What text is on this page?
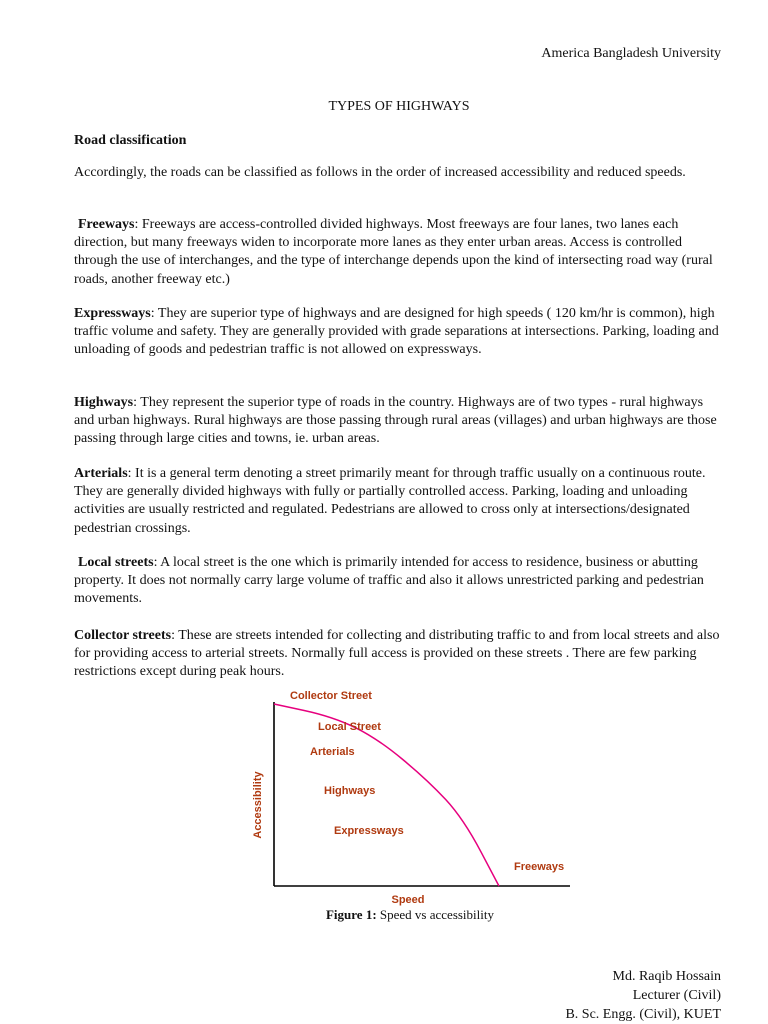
America Bangladesh University
TYPES OF HIGHWAYS
Road classification
Accordingly, the roads can be classified as follows in the order of increased accessibility and reduced speeds.
Freeways: Freeways are access-controlled divided highways. Most freeways are four lanes, two lanes each direction, but many freeways widen to incorporate more lanes as they enter urban areas. Access is controlled through the use of interchanges, and the type of interchange depends upon the kind of intersecting road way (rural roads, another freeway etc.)
Expressways: They are superior type of highways and are designed for high speeds ( 120 km/hr is common), high traffic volume and safety. They are generally provided with grade separations at intersections. Parking, loading and unloading of goods and pedestrian traffic is not allowed on expressways.
Highways: They represent the superior type of roads in the country. Highways are of two types - rural highways and urban highways. Rural highways are those passing through rural areas (villages) and urban highways are those passing through large cities and towns, ie. urban areas.
Arterials: It is a general term denoting a street primarily meant for through traffic usually on a continuous route. They are generally divided highways with fully or partially controlled access. Parking, loading and unloading activities are usually restricted and regulated. Pedestrians are allowed to cross only at intersections/designated pedestrian crossings.
Local streets: A local street is the one which is primarily intended for access to residence, business or abutting property. It does not normally carry large volume of traffic and also it allows unrestricted parking and pedestrian movements.
Collector streets: These are streets intended for collecting and distributing traffic to and from local streets and also for providing access to arterial streets. Normally full access is provided on these streets . There are few parking restrictions except during peak hours.
Collector Street
Local Street
Arterials
Highways
Expressways
Freeways
Speed
Accessibility
Figure 1: Speed vs accessibility
Md. Raqib Hossain
Lecturer (Civil)
B. Sc. Engg. (Civil), KUET
